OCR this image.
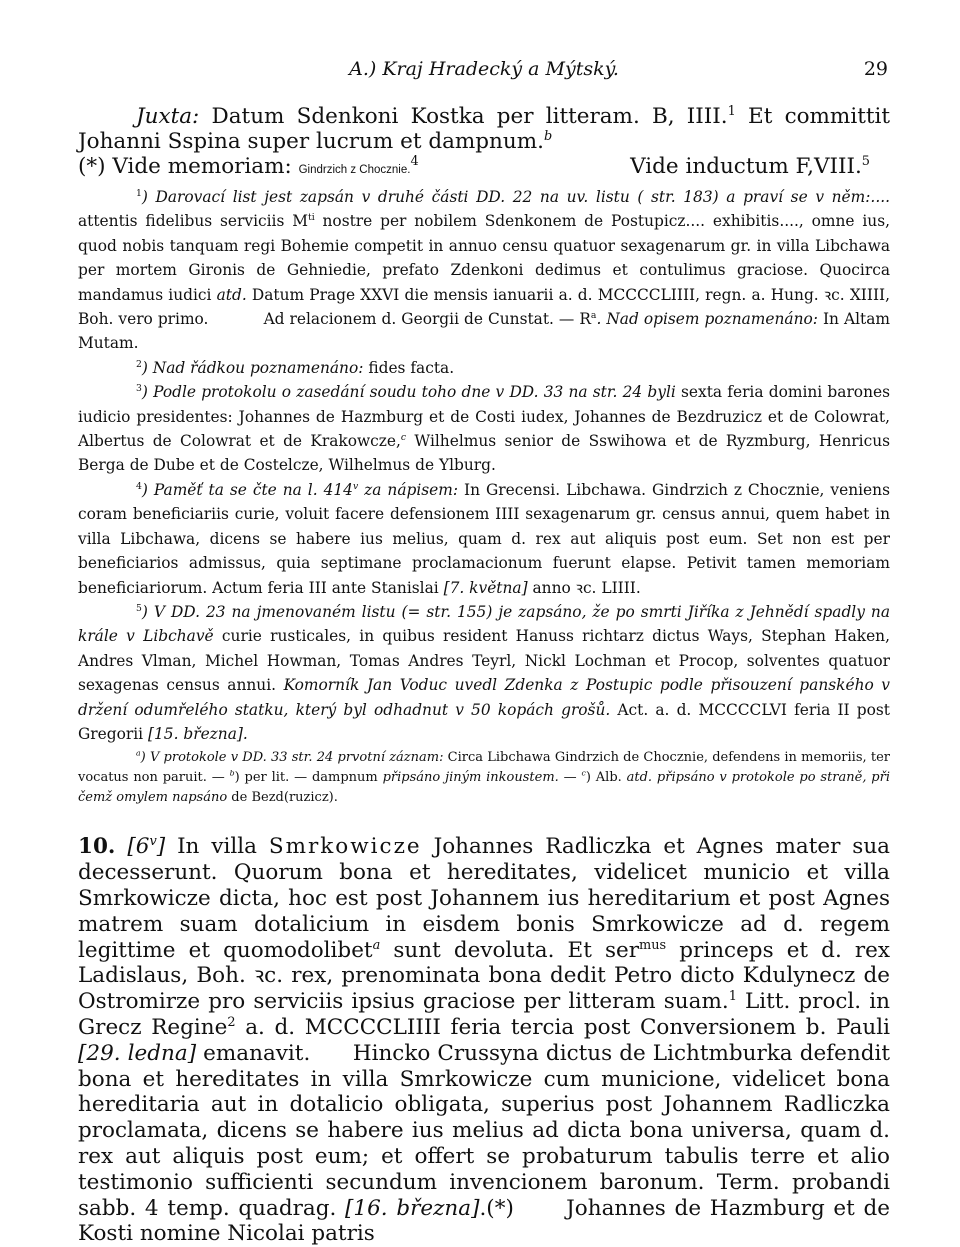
A.) Kraj Hradecký a Mýtský.	29
Juxta: Datum Sdenkoni Kostka per litteram. B, IIII.$^1$ Et committit Johanni Sspina super lucrum et dampnum.$^b$
(*) Vide memoriam: Gindrzich z Chocznie.$^4$	Vide inductum F,VIII.$^5$

$^1$) Darovací list jest zapsán v druhé části DD. 22 na uv. listu ( str. 183) a praví se v něm:.... attentis fidelibus serviciis $M^{ti}$ nostre per nobilem Sdenkonem de Postupicz.... exhibitis...., omne ius, quod nobis tanquam regi Bohemie competit in annuo censu quatuor sexagenarum gr. in villa Libchawa per mortem Gironis de Gehniedie, prefato Zdenkoni dedimus et contulimus graciose. Quocirca mandamus iudici atd. Datum Prage XXVI die mensis ianuarii a. d. MCCCCLIIII, regn. a. Hung. ꝛc. XIIII, Boh. vero primo.	Ad relacionem d. Georgii de Cunstat. — $R^a$. Nad opisem poznamenáno: In Altam Mutam.

$^2$) Nad řádkou poznamenáno: fides facta.

$^3$) Podle protokolu o zasedání soudu toho dne v DD. 33 na str. 24 byli sexta feria domini barones iudicio presidentes: Johannes de Hazmburg et de Costi iudex, Johannes de Bezdruzicz et de Colowrat, Albertus de Colowrat et de Krakowcze,$^c$ Wilhelmus senior de Sswihowa et de Ryzmburg, Henricus Berga de Dube et de Costelcze, Wilhelmus de Ylburg.

$^4$) Paměť ta se čte na l. 414$^v$ za nápisem: In Grecensi. Libchawa. Gindrzich z Chocznie, veniens coram beneficiariis curie, voluit facere defensionem IIII sexagenarum gr. census annui, quem habet in villa Libchawa, dicens se habere ius melius, quam d. rex aut aliquis post eum. Set non est per beneficiarios admissus, quia septimane proclamacionum fuerunt elapse. Petivit tamen memoriam beneficiariorum. Actum feria III ante Stanislai [7. května] anno ꝛc. LIIII.

$^5$) V DD. 23 na jmenovaném listu (= str. 155) je zapsáno, že po smrti Jiříka z Jehnědí spadly na krále v Libchavě curie rusticales, in quibus resident Hanuss richtarz dictus Ways, Stephan Haken, Andres Vlman, Michel Howman, Tomas Andres Teyrl, Nickl Lochman et Procop, solventes quatuor sexagenas census annui. Komorník Jan Voduc uvedl Zdenka z Postupic podle přisouzení panského v držení odumřelého statku, který byl odhadnut v 50 kopách grošů. Act. a. d. MCCCCLVI feria II post Gregorii [15. března].

$^a$) V protokole v DD. 33 str. 24 prvotní záznam: Circa Libchawa Gindrzich de Chocznie, defendens in memoriis, ter vocatus non paruit. — $^b$) per lit. — dampnum připsáno jiným inkoustem. — $^c$) Alb. atd. připsáno v protokole po straně, při čemž omylem napsáno de Bezd(ruzicz).
10. [6$^v$] In villa Smrkowicze Johannes Radliczka et Agnes mater sua decesserunt. Quorum bona et hereditates, videlicet municio et villa Smrkowicze dicta, hoc est post Johannem ius hereditarium et post Agnes matrem suam dotalicium in eisdem bonis Smrkowicze ad d. regem legittime et quomodolibet$^a$ sunt devoluta. Et ser$^{mus}$ princeps et d. rex Ladislaus, Boh. ꝛc. rex, prenominata bona dedit Petro dicto Kdulynecz de Ostromirze pro serviciis ipsius graciose per litteram suam.$^1$ Litt. procl. in Grecz Regine$^2$ a. d. MCCCCLIIII feria tercia post Conversionem b. Pauli [29. ledna] emanavit.      Hincko Crussyna dictus de Lichtmburka defendit bona et hereditates in villa Smrkowicze cum municione, videlicet bona hereditaria aut in dotalicio obligata, superius post Johannem Radliczka proclamata, dicens se habere ius melius ad dicta bona universa, quam d. rex aut aliquis post eum; et offert se probaturum tabulis terre et alio testimonio sufficienti secundum invencionem baronum. Term. probandi sabb. 4 temp. quadrag. [16. března].(*)      Johannes de Hazmburg et de Kosti nomine Nicolai patris
